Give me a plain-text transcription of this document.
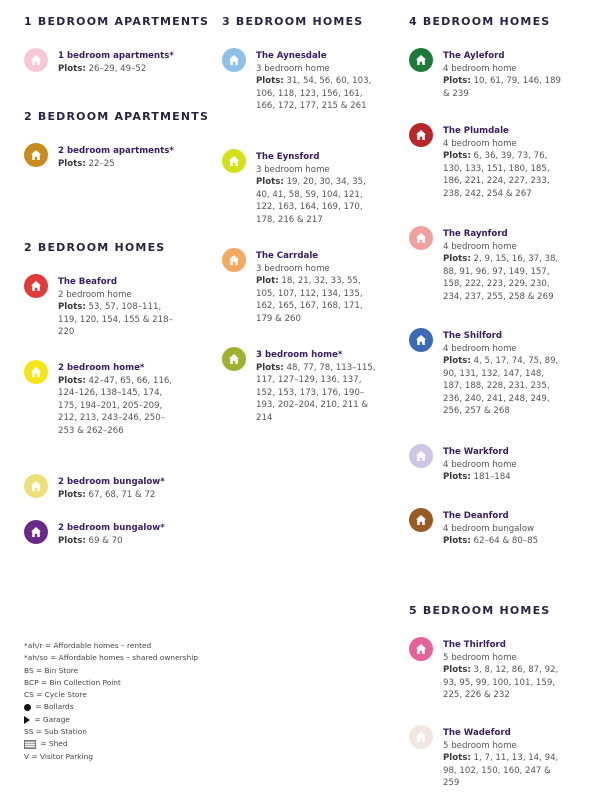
1 BEDROOM APARTMENTS
1 bedroom apartments*
Plots: 26–29, 49–52
2 BEDROOM APARTMENTS
2 bedroom apartments*
Plots: 22–25
2 BEDROOM HOMES
The Beaford
2 bedroom home
Plots: 53, 57, 108–111, 119, 120, 154, 155 & 218–220
2 bedroom home*
Plots: 42–47, 65, 66, 116, 124–126, 138–145, 174, 175, 194–201, 205–209, 212, 213, 243–246, 250–253 & 262–266
2 bedroom bungalow*
Plots: 67, 68, 71 & 72
2 bedroom bungalow*
Plots: 69 & 70
3 BEDROOM HOMES
The Aynesdale
3 bedroom home
Plots: 31, 54, 56, 60, 103, 106, 118, 123, 156, 161, 166, 172, 177, 215 & 261
The Eynsford
3 bedroom home
Plots: 19, 20, 30, 34, 35, 40, 41, 58, 59, 104, 121, 122, 163, 164, 169, 170, 178, 216 & 217
The Carrdale
3 bedroom home
Plot: 18, 21, 32, 33, 55, 105, 107, 112, 134, 135, 162, 165, 167, 168, 171, 179 & 260
3 bedroom home*
Plots: 48, 77, 78, 113–115, 117, 127–129, 136, 137, 152, 153, 173, 176, 190–193, 202–204, 210, 211 & 214
4 BEDROOM HOMES
The Ayleford
4 bedroom home
Plots: 10, 61, 79, 146, 189 & 239
The Plumdale
4 bedroom home
Plots: 6, 36, 39, 73, 76, 130, 133, 151, 180, 185, 186, 221, 224, 227, 233, 238, 242, 254 & 267
The Raynford
4 bedroom home
Plots: 2, 9, 15, 16, 37, 38, 88, 91, 96, 97, 149, 157, 158, 222, 223, 229, 230, 234, 237, 255, 258 & 269
The Shilford
4 bedroom home
Plots: 4, 5, 17, 74, 75, 89, 90, 131, 132, 147, 148, 187, 188, 228, 231, 235, 236, 240, 241, 248, 249, 256, 257 & 268
The Warkford
4 bedroom home
Plots: 181–184
The Deanford
4 bedroom bungalow
Plots: 62–64 & 80–85
5 BEDROOM HOMES
The Thirlford
5 bedroom home
Plots: 3, 8, 12, 86, 87, 92, 93, 95, 99, 100, 101, 159, 225, 226 & 232
The Wadeford
5 bedroom home
Plots: 1, 7, 11, 13, 14, 94, 98, 102, 150, 160, 247 & 259
*ah/r = Affordable homes – rented
*ah/so = Affordable homes – shared ownership
BS = Bin Store
BCP = Bin Collection Point
CS = Cycle Store
= Bollards
= Garage
SS = Sub Station
= Shed
V = Visitor Parking
